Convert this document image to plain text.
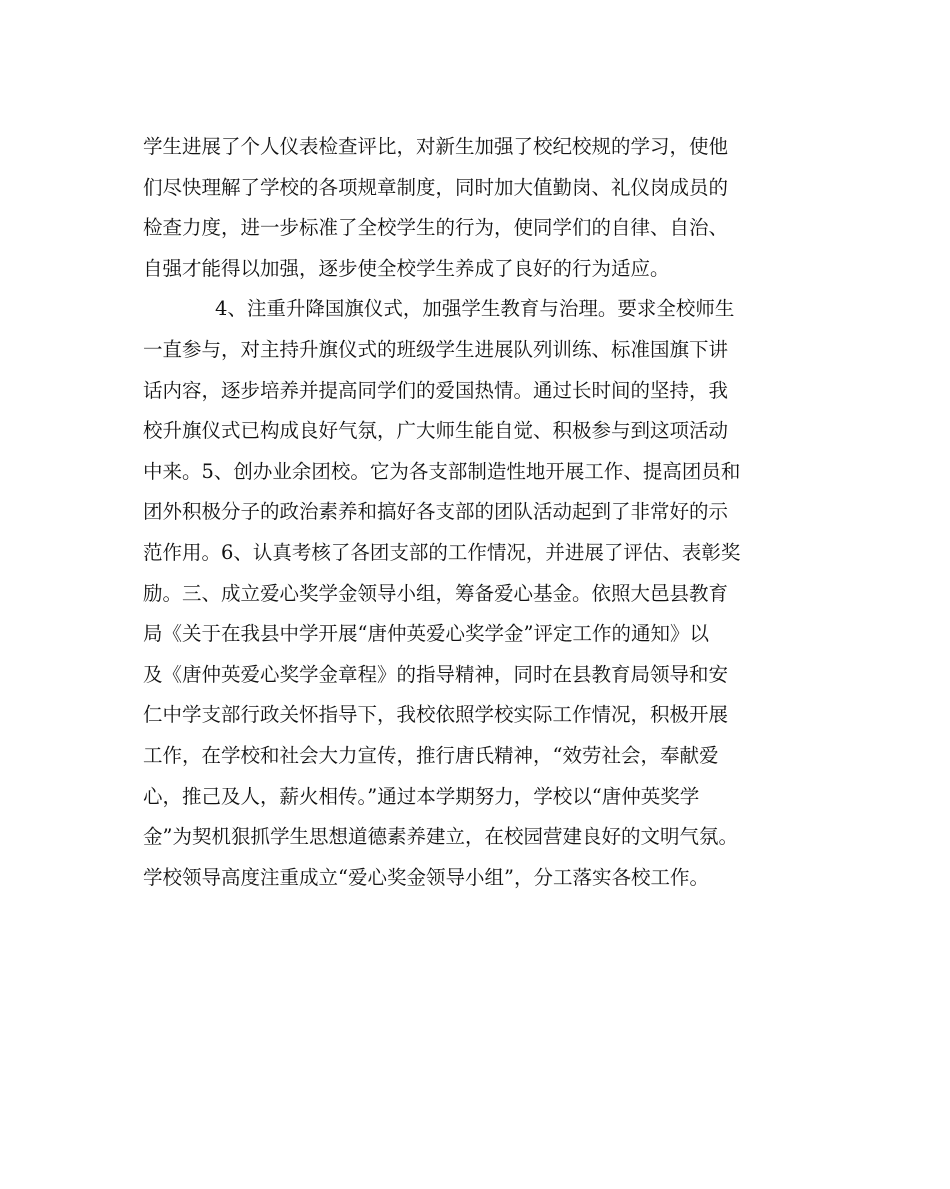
学生进展了个人仪表检查评比，对新生加强了校纪校规的学习，使他
们尽快理解了学校的各项规章制度，同时加大值勤岗、礼仪岗成员的
检查力度，进一步标准了全校学生的行为，使同学们的自律、自治、
自强才能得以加强，逐步使全校学生养成了良好的行为适应。
4、注重升降国旗仪式，加强学生教育与治理。要求全校师生
一直参与，对主持升旗仪式的班级学生进展队列训练、标准国旗下讲
话内容，逐步培养并提高同学们的爱国热情。通过长时间的坚持，我
校升旗仪式已构成良好气氛，广大师生能自觉、积极参与到这项活动
中来。5、创办业余团校。它为各支部制造性地开展工作、提高团员和
团外积极分子的政治素养和搞好各支部的团队活动起到了非常好的示
范作用。6、认真考核了各团支部的工作情况，并进展了评估、表彰奖
励。三、成立爱心奖学金领导小组，筹备爱心基金。依照大邑县教育
局《关于在我县中学开展“唐仲英爱心奖学金”评定工作的通知》以
及《唐仲英爱心奖学金章程》的指导精神，同时在县教育局领导和安
仁中学支部行政关怀指导下，我校依照学校实际工作情况，积极开展
工作，在学校和社会大力宣传，推行唐氏精神，“效劳社会，奉献爱
心，推己及人，薪火相传。”通过本学期努力，学校以“唐仲英奖学
金”为契机狠抓学生思想道德素养建立，在校园营建良好的文明气氛。
学校领导高度注重成立“爱心奖金领导小组”，分工落实各校工作。
